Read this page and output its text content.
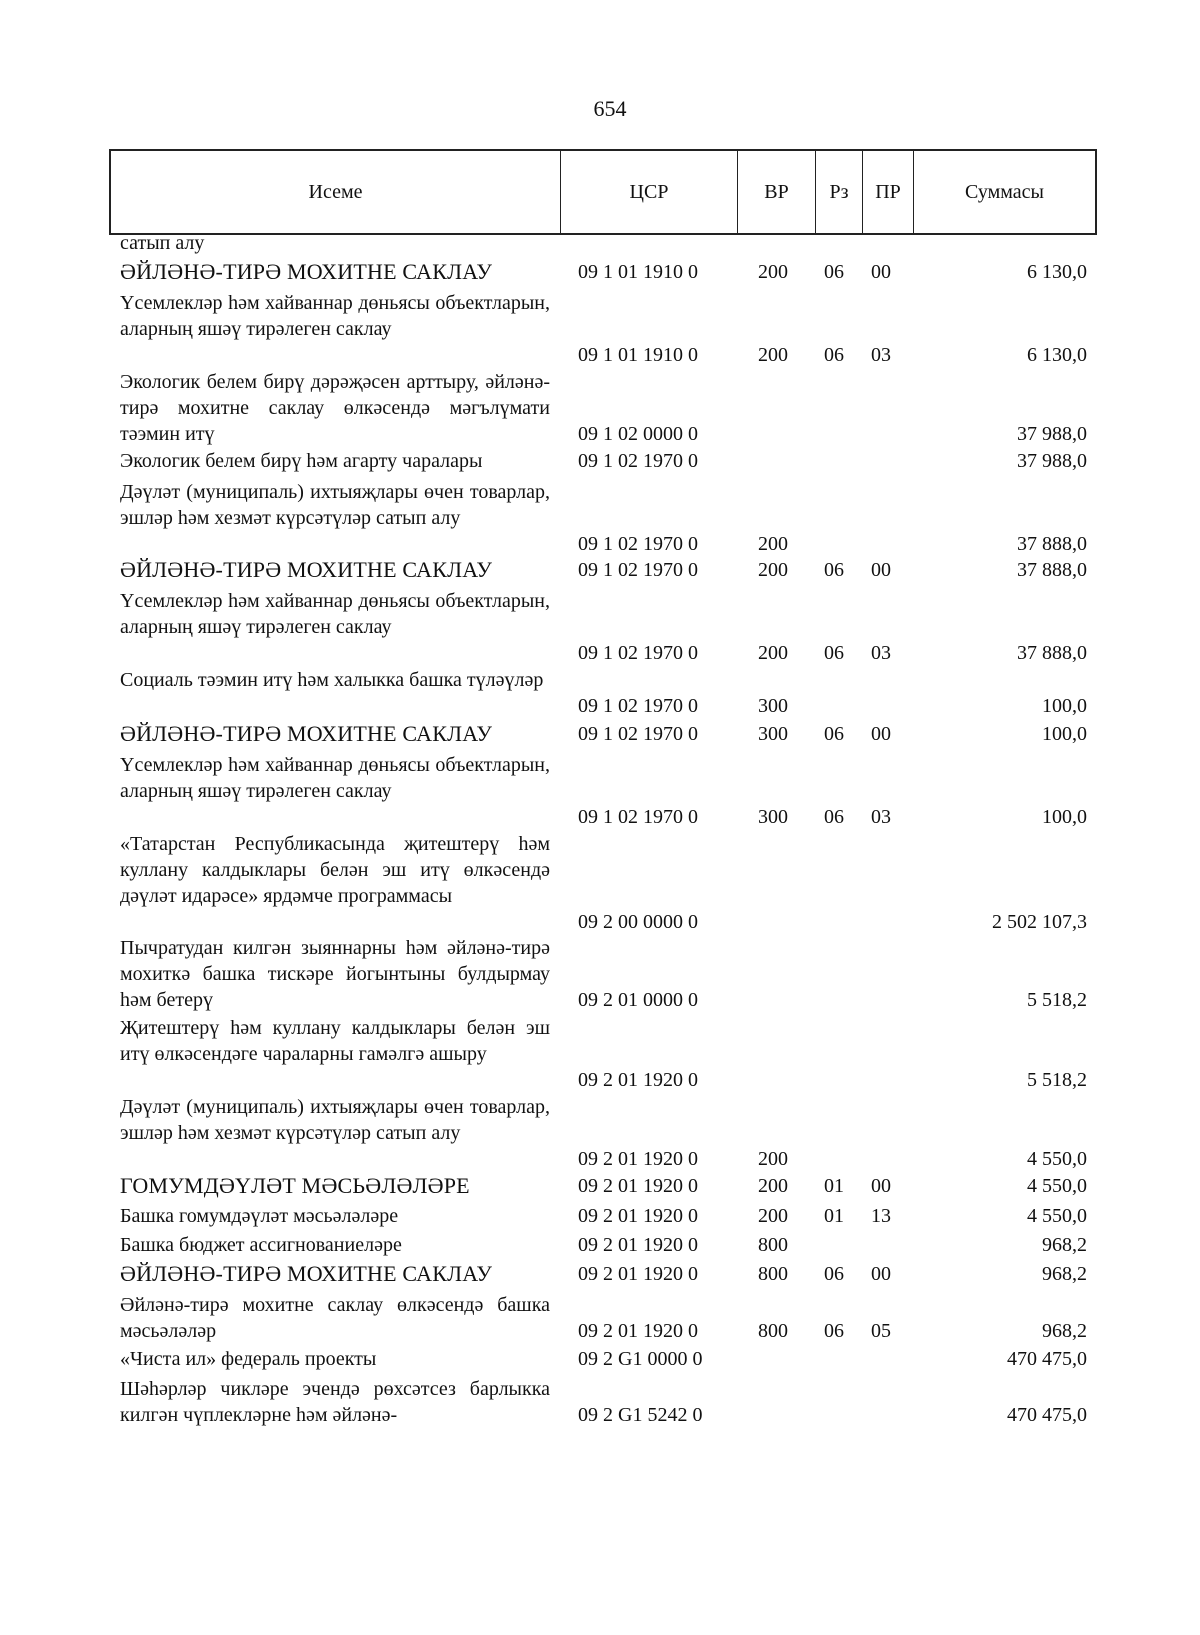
654
Исеме	ЦСР	ВР	Рз	ПР	Суммасы
сатып алу
ӘЙЛӘНӘ-ТИРӘ МОХИТНЕ САКЛАУ	09 1 01 1910 0	200 06 00	6 130,0
Үсемлекләр һәм хайваннар дөньясы объектларын, аларның яшәү тирәлеген саклау
09 1 01 1910 0	200 06 03	6 130,0
Экологик белем бирү дәрәҗәсен арттыру, әйләнә-тирә мохитне саклау өлкәсендә мәгълүмати тәэмин итү	09 1 02 0000 0	37 988,0
Экологик белем бирү һәм агарту чаралары	09 1 02 1970 0	37 988,0
Дәүләт (муниципаль) ихтыяҗлары өчен товарлар, эшләр һәм хезмәт күрсәтүләр сатып алу
09 1 02 1970 0	200	37 888,0
ӘЙЛӘНӘ-ТИРӘ МОХИТНЕ САКЛАУ	09 1 02 1970 0	200 06 00	37 888,0
Үсемлекләр һәм хайваннар дөньясы объектларын, аларның яшәү тирәлеген саклау
09 1 02 1970 0	200 06 03	37 888,0
Социаль тәэмин итү һәм халыкка башка түләүләр
09 1 02 1970 0	300	100,0
ӘЙЛӘНӘ-ТИРӘ МОХИТНЕ САКЛАУ	09 1 02 1970 0	300 06 00	100,0
Үсемлекләр һәм хайваннар дөньясы объектларын, аларның яшәү тирәлеген саклау
09 1 02 1970 0	300 06 03	100,0
«Татарстан Республикасында җитештерү һәм куллану калдыклары белән эш итү өлкәсендә дәүләт идарәсе» ярдәмче программасы
09 2 00 0000 0	2 502 107,3
Пычратудан килгән зыяннарны һәм әйләнә-тирә мохиткә башка тискәре йогынтыны булдырмау һәм бетерү	09 2 01 0000 0	5 518,2
Җитештерү һәм куллану калдыклары белән эш итү өлкәсендәге чараларны гамәлгә ашыру
09 2 01 1920 0	5 518,2
Дәүләт (муниципаль) ихтыяҗлары өчен товарлар, эшләр һәм хезмәт күрсәтүләр сатып алу
09 2 01 1920 0	200	4 550,0
ГОМУМДӘҮЛӘТ МӘСЬӘЛӘЛӘРЕ	09 2 01 1920 0	200 01 00	4 550,0
Башка гомумдәүләт мәсьәләләре	09 2 01 1920 0	200 01 13	4 550,0
Башка бюджет ассигнованиеләре	09 2 01 1920 0	800	968,2
ӘЙЛӘНӘ-ТИРӘ МОХИТНЕ САКЛАУ	09 2 01 1920 0	800 06 00	968,2
Әйләнә-тирә мохитне саклау өлкәсендә башка мәсьәләләр	09 2 01 1920 0	800 06 05	968,2
«Чиста ил» федераль проекты	09 2 G1 0000 0	470 475,0
Шәһәрләр чикләре эчендә рөхсәтсез барлыкка килгән чүплекләрне һәм әйләнә-	09 2 G1 5242 0	470 475,0
